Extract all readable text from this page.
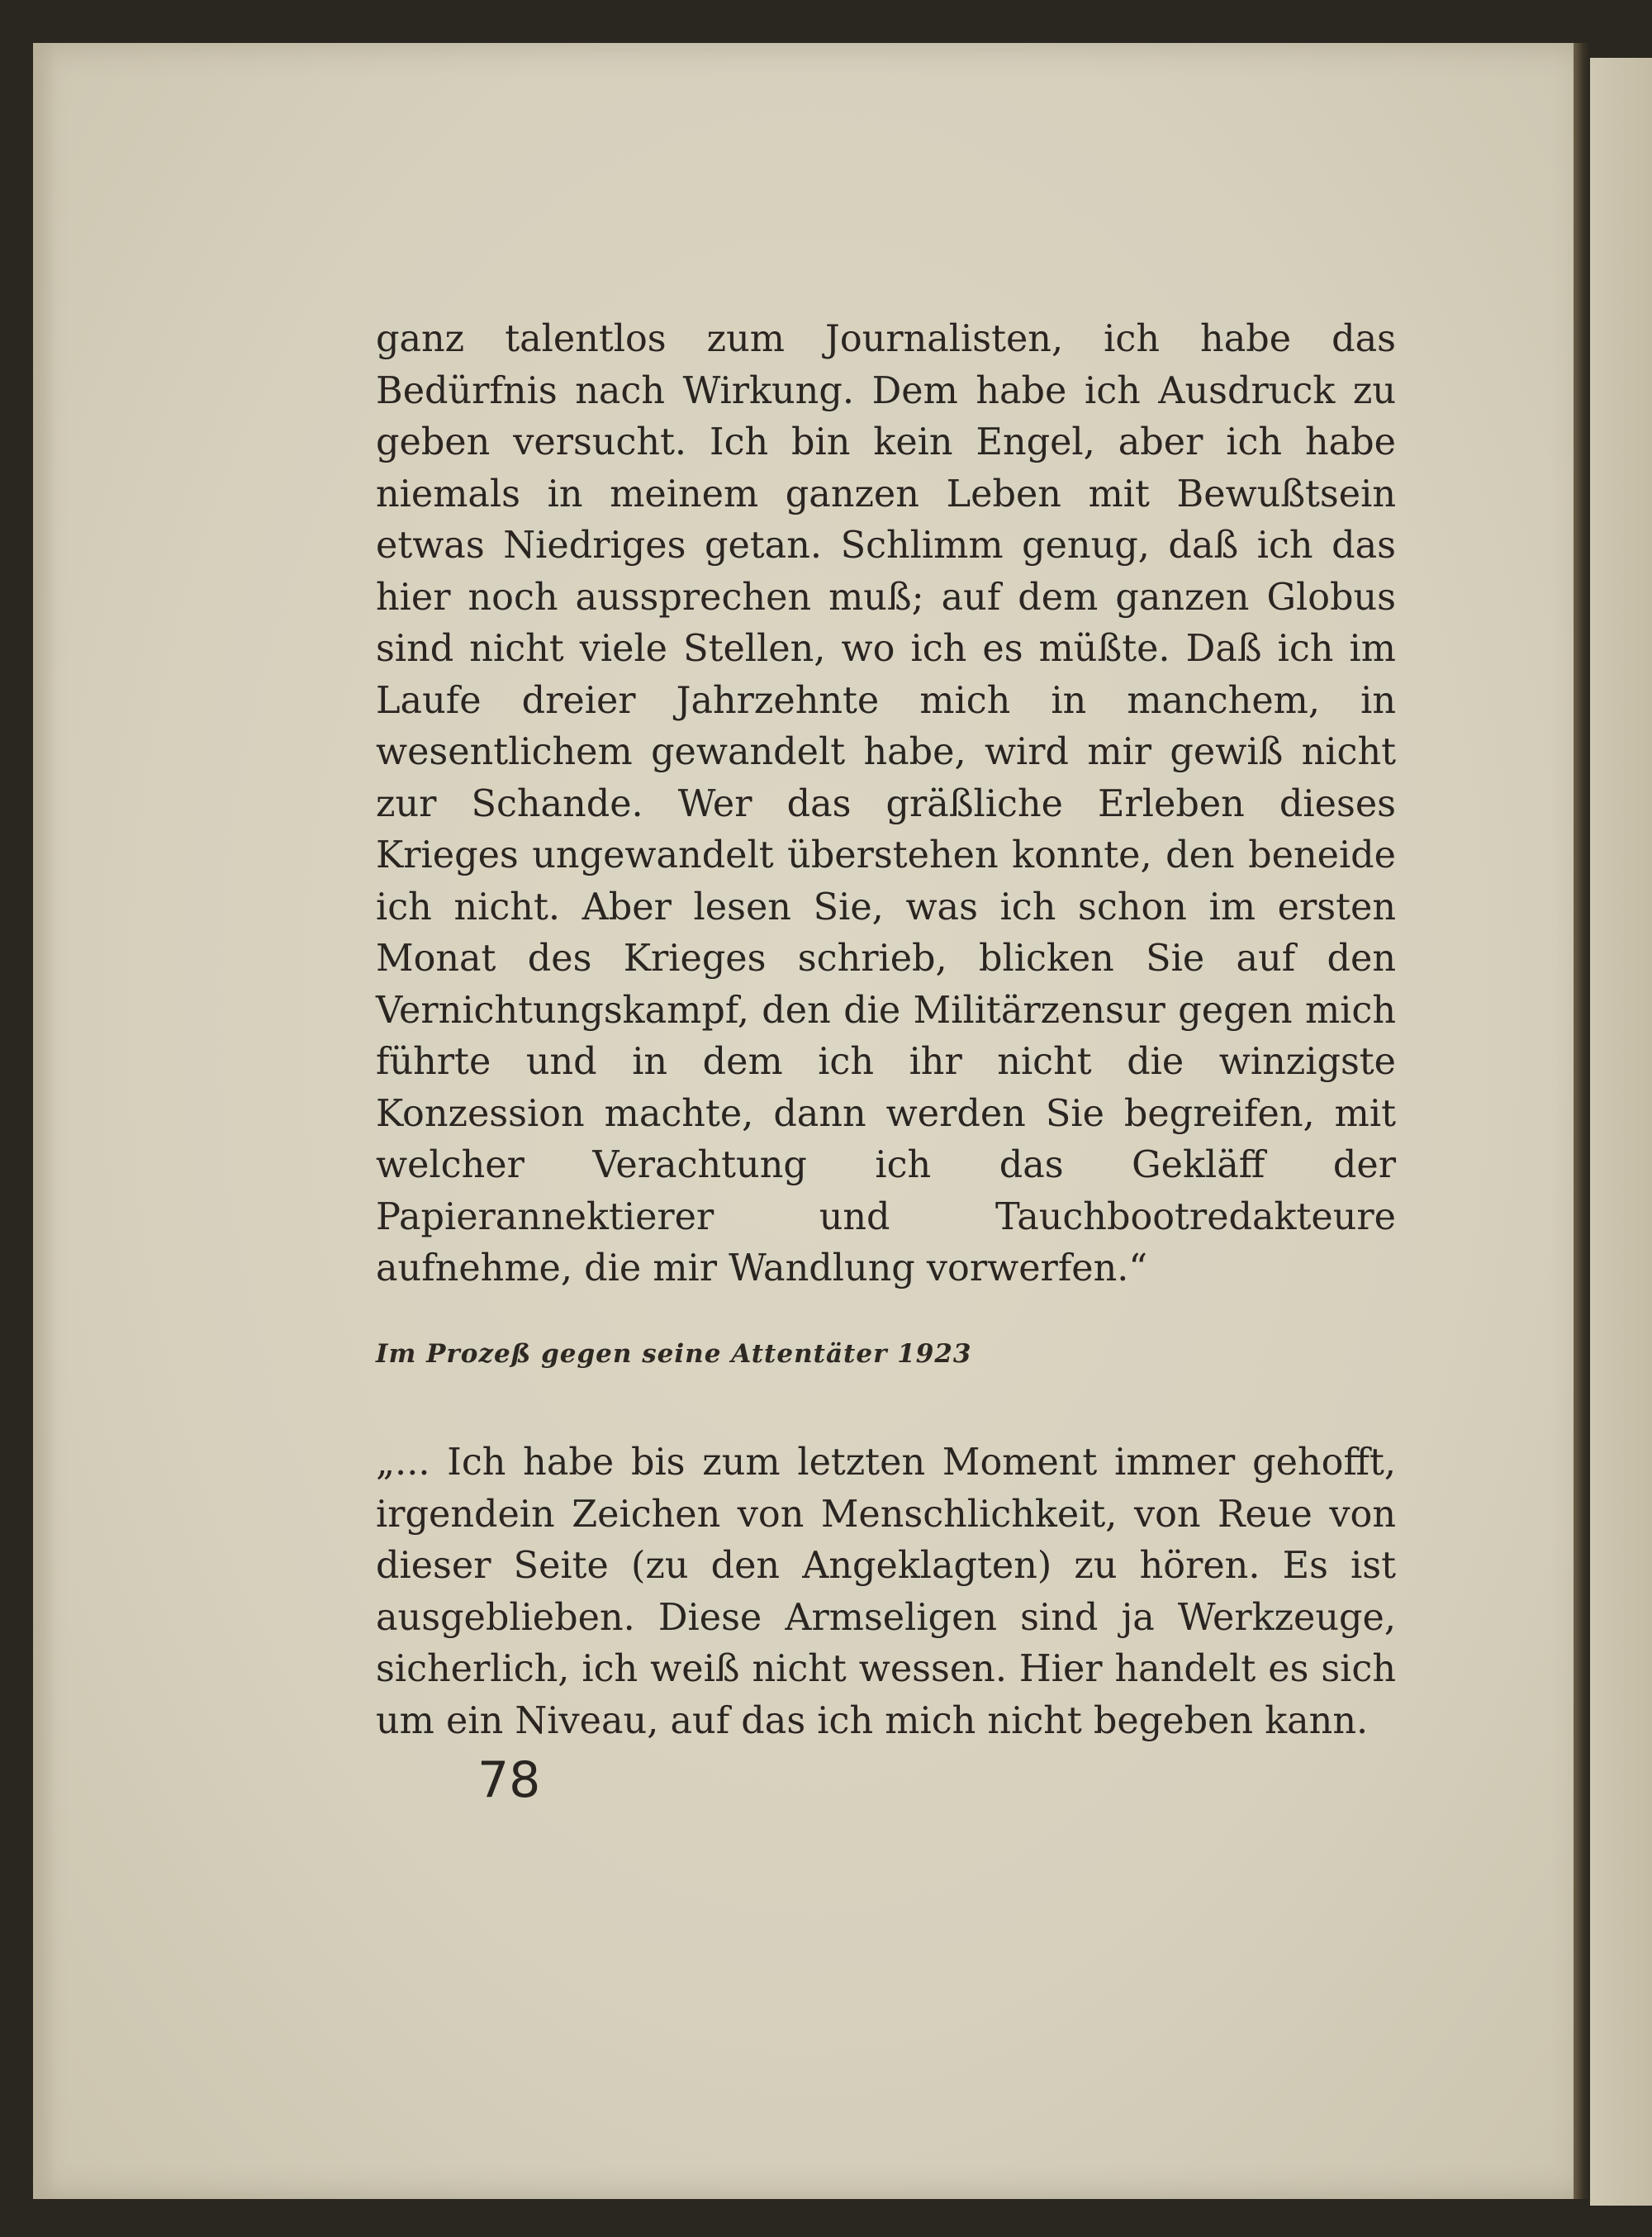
ganz talentlos zum Journalisten, ich habe das Bedürfnis nach Wirkung. Dem habe ich Ausdruck zu geben versucht. Ich bin kein Engel, aber ich habe niemals in meinem ganzen Leben mit Bewußtsein etwas Niedriges getan. Schlimm genug, daß ich das hier noch aussprechen muß; auf dem ganzen Globus sind nicht viele Stellen, wo ich es müßte. Daß ich im Laufe dreier Jahrzehnte mich in manchem, in wesentlichem gewandelt habe, wird mir gewiß nicht zur Schande. Wer das gräßliche Erleben dieses Krieges ungewandelt überstehen konnte, den beneide ich nicht. Aber lesen Sie, was ich schon im ersten Monat des Krieges schrieb, blicken Sie auf den Vernichtungskampf, den die Militärzensur gegen mich führte und in dem ich ihr nicht die winzigste Konzession machte, dann werden Sie begreifen, mit welcher Verachtung ich das Gekläff der Papierannektierer und Tauchbootredakteure aufnehme, die mir Wandlung vorwerfen.“

Im Prozeß gegen seine Attentäter 1923

„... Ich habe bis zum letzten Moment immer gehofft, irgendein Zeichen von Menschlichkeit, von Reue von dieser Seite (zu den Angeklagten) zu hören. Es ist ausgeblieben. Diese Armseligen sind ja Werkzeuge, sicherlich, ich weiß nicht wessen. Hier handelt es sich um ein Niveau, auf das ich mich nicht begeben kann.

78
